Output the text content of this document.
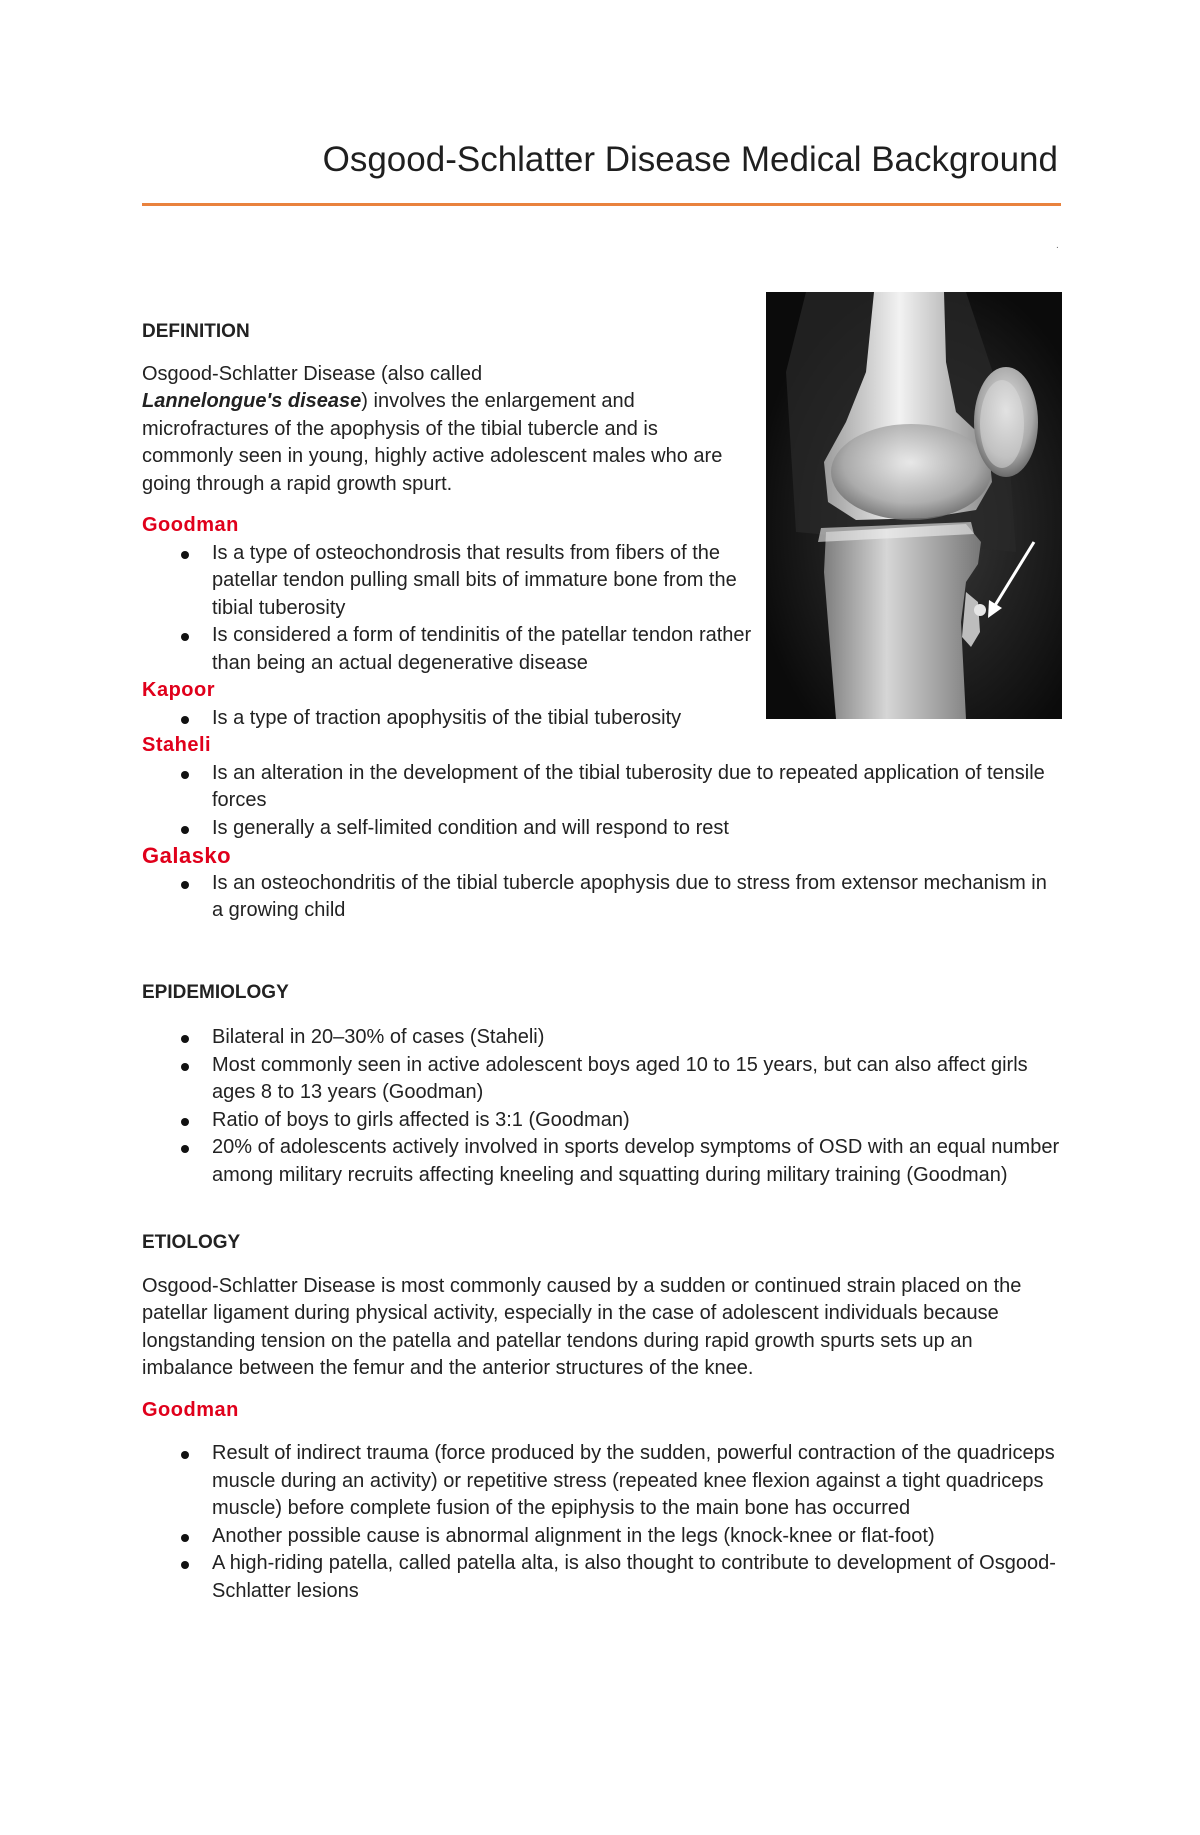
Osgood-Schlatter Disease Medical Background
.

DEFINITION

Osgood-Schlatter Disease (also called
Lannelongue's disease) involves the enlargement and microfractures of the apophysis of the tibial tubercle and is commonly seen in young, highly active adolescent males who are going through a rapid growth spurt.

Goodman

Is a type of osteochondrosis that results from fibers of the patellar tendon pulling small bits of immature bone from the tibial tuberosity
Is considered a form of tendinitis of the patellar tendon rather than being an actual degenerative disease

Kapoor

Is a type of traction apophysitis of the tibial tuberosity

Staheli

Is an alteration in the development of the tibial tuberosity due to repeated application of tensile forces
Is generally a self-limited condition and will respond to rest

Galasko

Is an osteochondritis of the tibial tubercle apophysis due to stress from extensor mechanism in a growing child

EPIDEMIOLOGY

Bilateral in 20–30% of cases (Staheli)
Most commonly seen in active adolescent boys aged 10 to 15 years, but can also affect girls ages 8 to 13 years (Goodman)
Ratio of boys to girls affected is 3:1 (Goodman)
20% of adolescents actively involved in sports develop symptoms of OSD with an equal number among military recruits affecting kneeling and squatting during military training (Goodman)

ETIOLOGY

Osgood-Schlatter Disease is most commonly caused by a sudden or continued strain placed on the patellar ligament during physical activity, especially in the case of adolescent individuals because longstanding tension on the patella and patellar tendons during rapid growth spurts sets up an imbalance between the femur and the anterior structures of the knee.

Goodman

Result of indirect trauma (force produced by the sudden, powerful contraction of the quadriceps muscle during an activity) or repetitive stress (repeated knee flexion against a tight quadriceps muscle) before complete fusion of the epiphysis to the main bone has occurred
Another possible cause is abnormal alignment in the legs (knock-knee or flat-foot)
A high-riding patella, called patella alta, is also thought to contribute to development of Osgood-Schlatter lesions
